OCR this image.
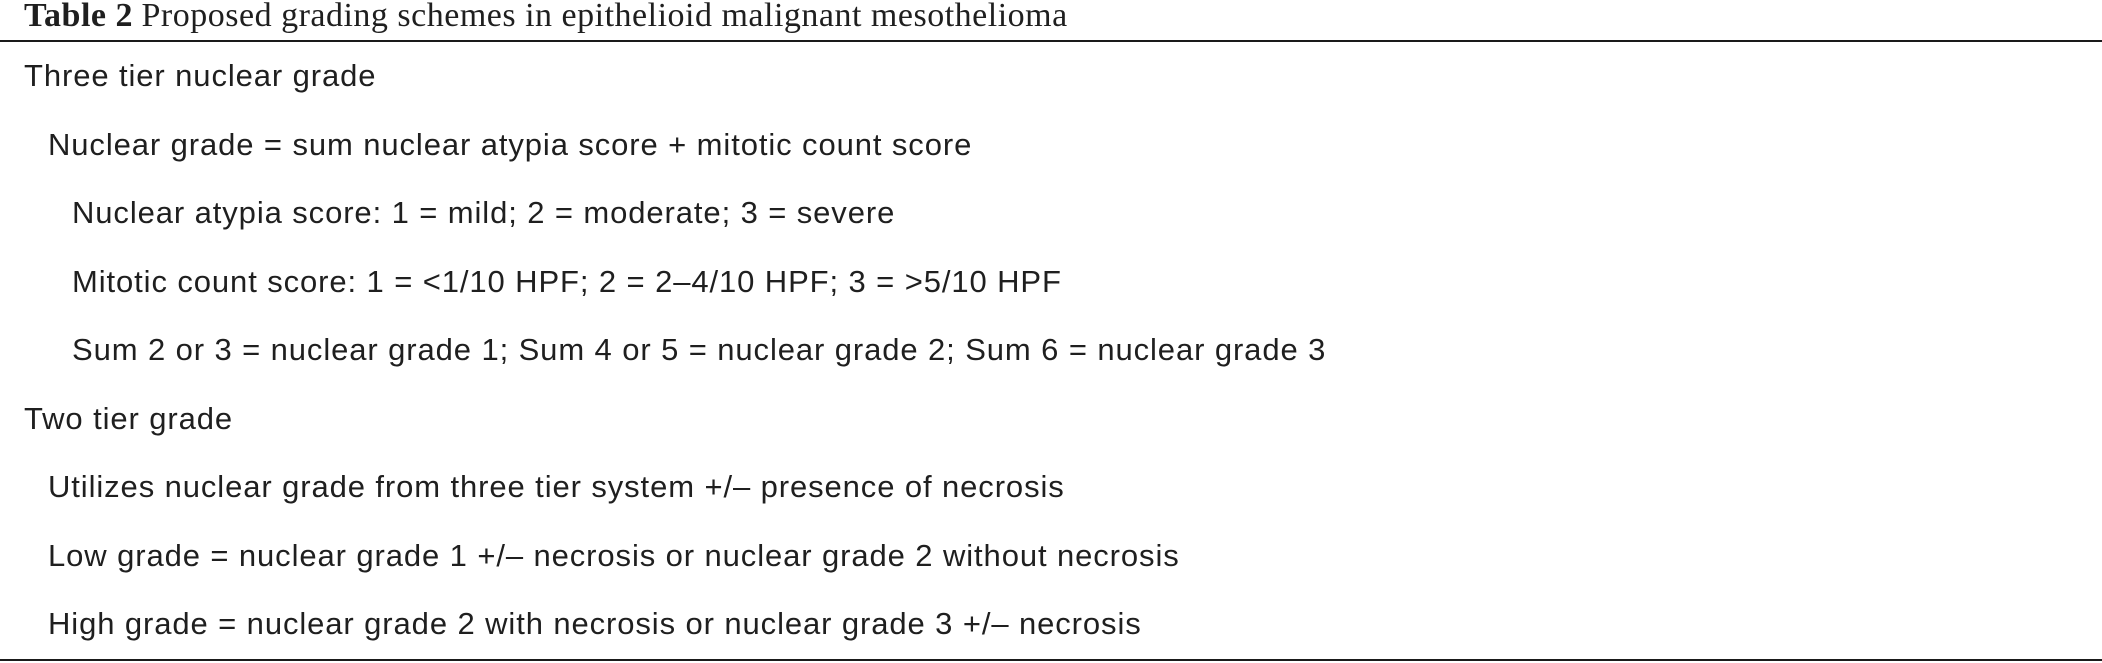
Table 2 Proposed grading schemes in epithelioid malignant mesothelioma
Three tier nuclear grade
Nuclear grade = sum nuclear atypia score + mitotic count score
Nuclear atypia score: 1 = mild; 2 = moderate; 3 = severe
Mitotic count score: 1 = <1/10 HPF; 2 = 2–4/10 HPF; 3 = >5/10 HPF
Sum 2 or 3 = nuclear grade 1; Sum 4 or 5 = nuclear grade 2; Sum 6 = nuclear grade 3
Two tier grade
Utilizes nuclear grade from three tier system +/– presence of necrosis
Low grade = nuclear grade 1 +/– necrosis or nuclear grade 2 without necrosis
High grade = nuclear grade 2 with necrosis or nuclear grade 3 +/– necrosis
